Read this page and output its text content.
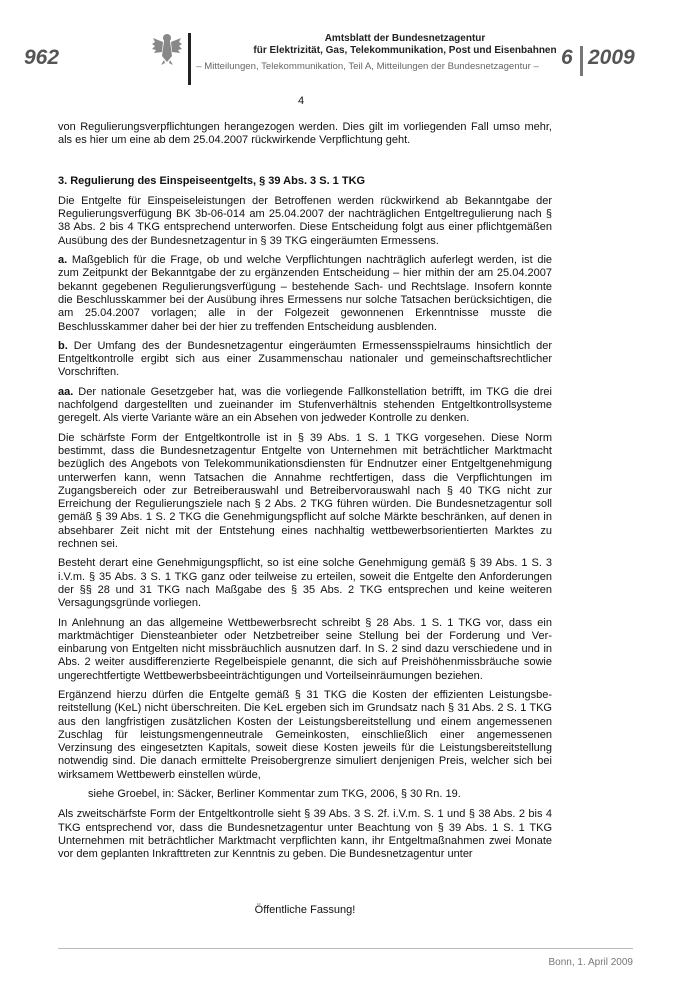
962
Amtsblatt der Bundesnetzagentur
für Elektrizität, Gas, Telekommunikation, Post und Eisenbahnen
– Mitteilungen, Telekommunikation, Teil A, Mitteilungen der Bundesnetzagentur – 6 2009
4

von Regulierungsverpflichtungen herangezogen werden. Dies gilt im vorliegenden Fall umso mehr, als es hier um eine ab dem 25.04.2007 rückwirkende Verpflichtung geht.

3. Regulierung des Einspeiseentgelts, § 39 Abs. 3 S. 1 TKG

Die Entgelte für Einspeiseleistungen der Betroffenen werden rückwirkend ab Bekanntgabe der Regulierungsverfügung BK 3b-06-014 am 25.04.2007 der nachträglichen Entgeltregulierung nach § 38 Abs. 2 bis 4 TKG entsprechend unterworfen. Diese Entscheidung folgt aus einer pflichtgemäßen Ausübung des der Bundesnetzagentur in § 39 TKG eingeräumten Ermessens.

a. Maßgeblich für die Frage, ob und welche Verpflichtungen nachträglich auferlegt werden, ist die zum Zeitpunkt der Bekanntgabe der zu ergänzenden Entscheidung – hier mithin der am 25.04.2007 bekannt gegebenen Regulierungsverfügung – bestehende Sach- und Rechtslage. Insofern konnte die Beschlusskammer bei der Ausübung ihres Ermessens nur solche Tatsachen berücksichtigen, die am 25.04.2007 vorlagen; alle in der Folgezeit gewonnenen Erkenntnisse musste die Beschlusskammer daher bei der hier zu treffenden Entscheidung ausblenden.

b. Der Umfang des der Bundesnetzagentur eingeräumten Ermessensspielraums hinsichtlich der Entgeltkontrolle ergibt sich aus einer Zusammenschau nationaler und gemeinschaftsrechtlicher Vorschriften.

aa. Der nationale Gesetzgeber hat, was die vorliegende Fallkonstellation betrifft, im TKG die drei nachfolgend dargestellten und zueinander im Stufenverhältnis stehenden Entgeltkontrollsysteme geregelt. Als vierte Variante wäre an ein Absehen von jedweder Kontrolle zu denken.

Die schärfste Form der Entgeltkontrolle ist in § 39 Abs. 1 S. 1 TKG vorgesehen. Diese Norm bestimmt, dass die Bundesnetzagentur Entgelte von Unternehmen mit beträchtlicher Marktmacht bezüglich des Angebots von Telekommunikationsdiensten für Endnutzer einer Entgeltgenehmigung unterwerfen kann, wenn Tatsachen die Annahme rechtfertigen, dass die Verpflichtungen im Zugangsbereich oder zur Betreiberauswahl und Betreibervorauswahl nach § 40 TKG nicht zur Erreichung der Regulierungsziele nach § 2 Abs. 2 TKG führen würden. Die Bundesnetzagentur soll gemäß § 39 Abs. 1 S. 2 TKG die Genehmigungspflicht auf solche Märkte beschränken, auf denen in absehbarer Zeit nicht mit der Entstehung eines nachhaltig wettbewerbsorientierten Marktes zu rechnen sei.

Besteht derart eine Genehmigungspflicht, so ist eine solche Genehmigung gemäß § 39 Abs. 1 S. 3 i.V.m. § 35 Abs. 3 S. 1 TKG ganz oder teilweise zu erteilen, soweit die Entgelte den Anforderungen der §§ 28 und 31 TKG nach Maßgabe des § 35 Abs. 2 TKG entsprechen und keine weiteren Versagungsgründe vorliegen.

In Anlehnung an das allgemeine Wettbewerbsrecht schreibt § 28 Abs. 1 S. 1 TKG vor, dass ein marktmächtiger Diensteanbieter oder Netzbetreiber seine Stellung bei der Forderung und Vereinbarung von Entgelten nicht missbräuchlich ausnutzen darf. In S. 2 sind dazu verschiedene und in Abs. 2 weiter ausdifferenzierte Regelbeispiele genannt, die sich auf Preishöhenmissbräuche sowie ungerechtfertigte Wettbewerbsbeeinträchtigungen und Vorteilseinräumungen beziehen.

Ergänzend hierzu dürfen die Entgelte gemäß § 31 TKG die Kosten der effizienten Leistungsbereitstellung (KeL) nicht überschreiten. Die KeL ergeben sich im Grundsatz nach § 31 Abs. 2 S. 1 TKG aus den langfristigen zusätzlichen Kosten der Leistungsbereitstellung und einem angemessenen Zuschlag für leistungsmengenneutrale Gemeinkosten, einschließlich einer angemessenen Verzinsung des eingesetzten Kapitals, soweit diese Kosten jeweils für die Leistungsbereitstellung notwendig sind. Die danach ermittelte Preisobergrenze simuliert denjenigen Preis, welcher sich bei wirksamem Wettbewerb einstellen würde,

siehe Groebel, in: Säcker, Berliner Kommentar zum TKG, 2006, § 30 Rn. 19.

Als zweitschärfste Form der Entgeltkontrolle sieht § 39 Abs. 3 S. 2f. i.V.m. S. 1 und § 38 Abs. 2 bis 4 TKG entsprechend vor, dass die Bundesnetzagentur unter Beachtung von § 39 Abs. 1 S. 1 TKG Unternehmen mit beträchtlicher Marktmacht verpflichten kann, ihr Entgeltmaßnahmen zwei Monate vor dem geplanten Inkrafttreten zur Kenntnis zu geben. Die Bundesnetzagentur unter

Öffentliche Fassung!
Bonn, 1. April 2009
